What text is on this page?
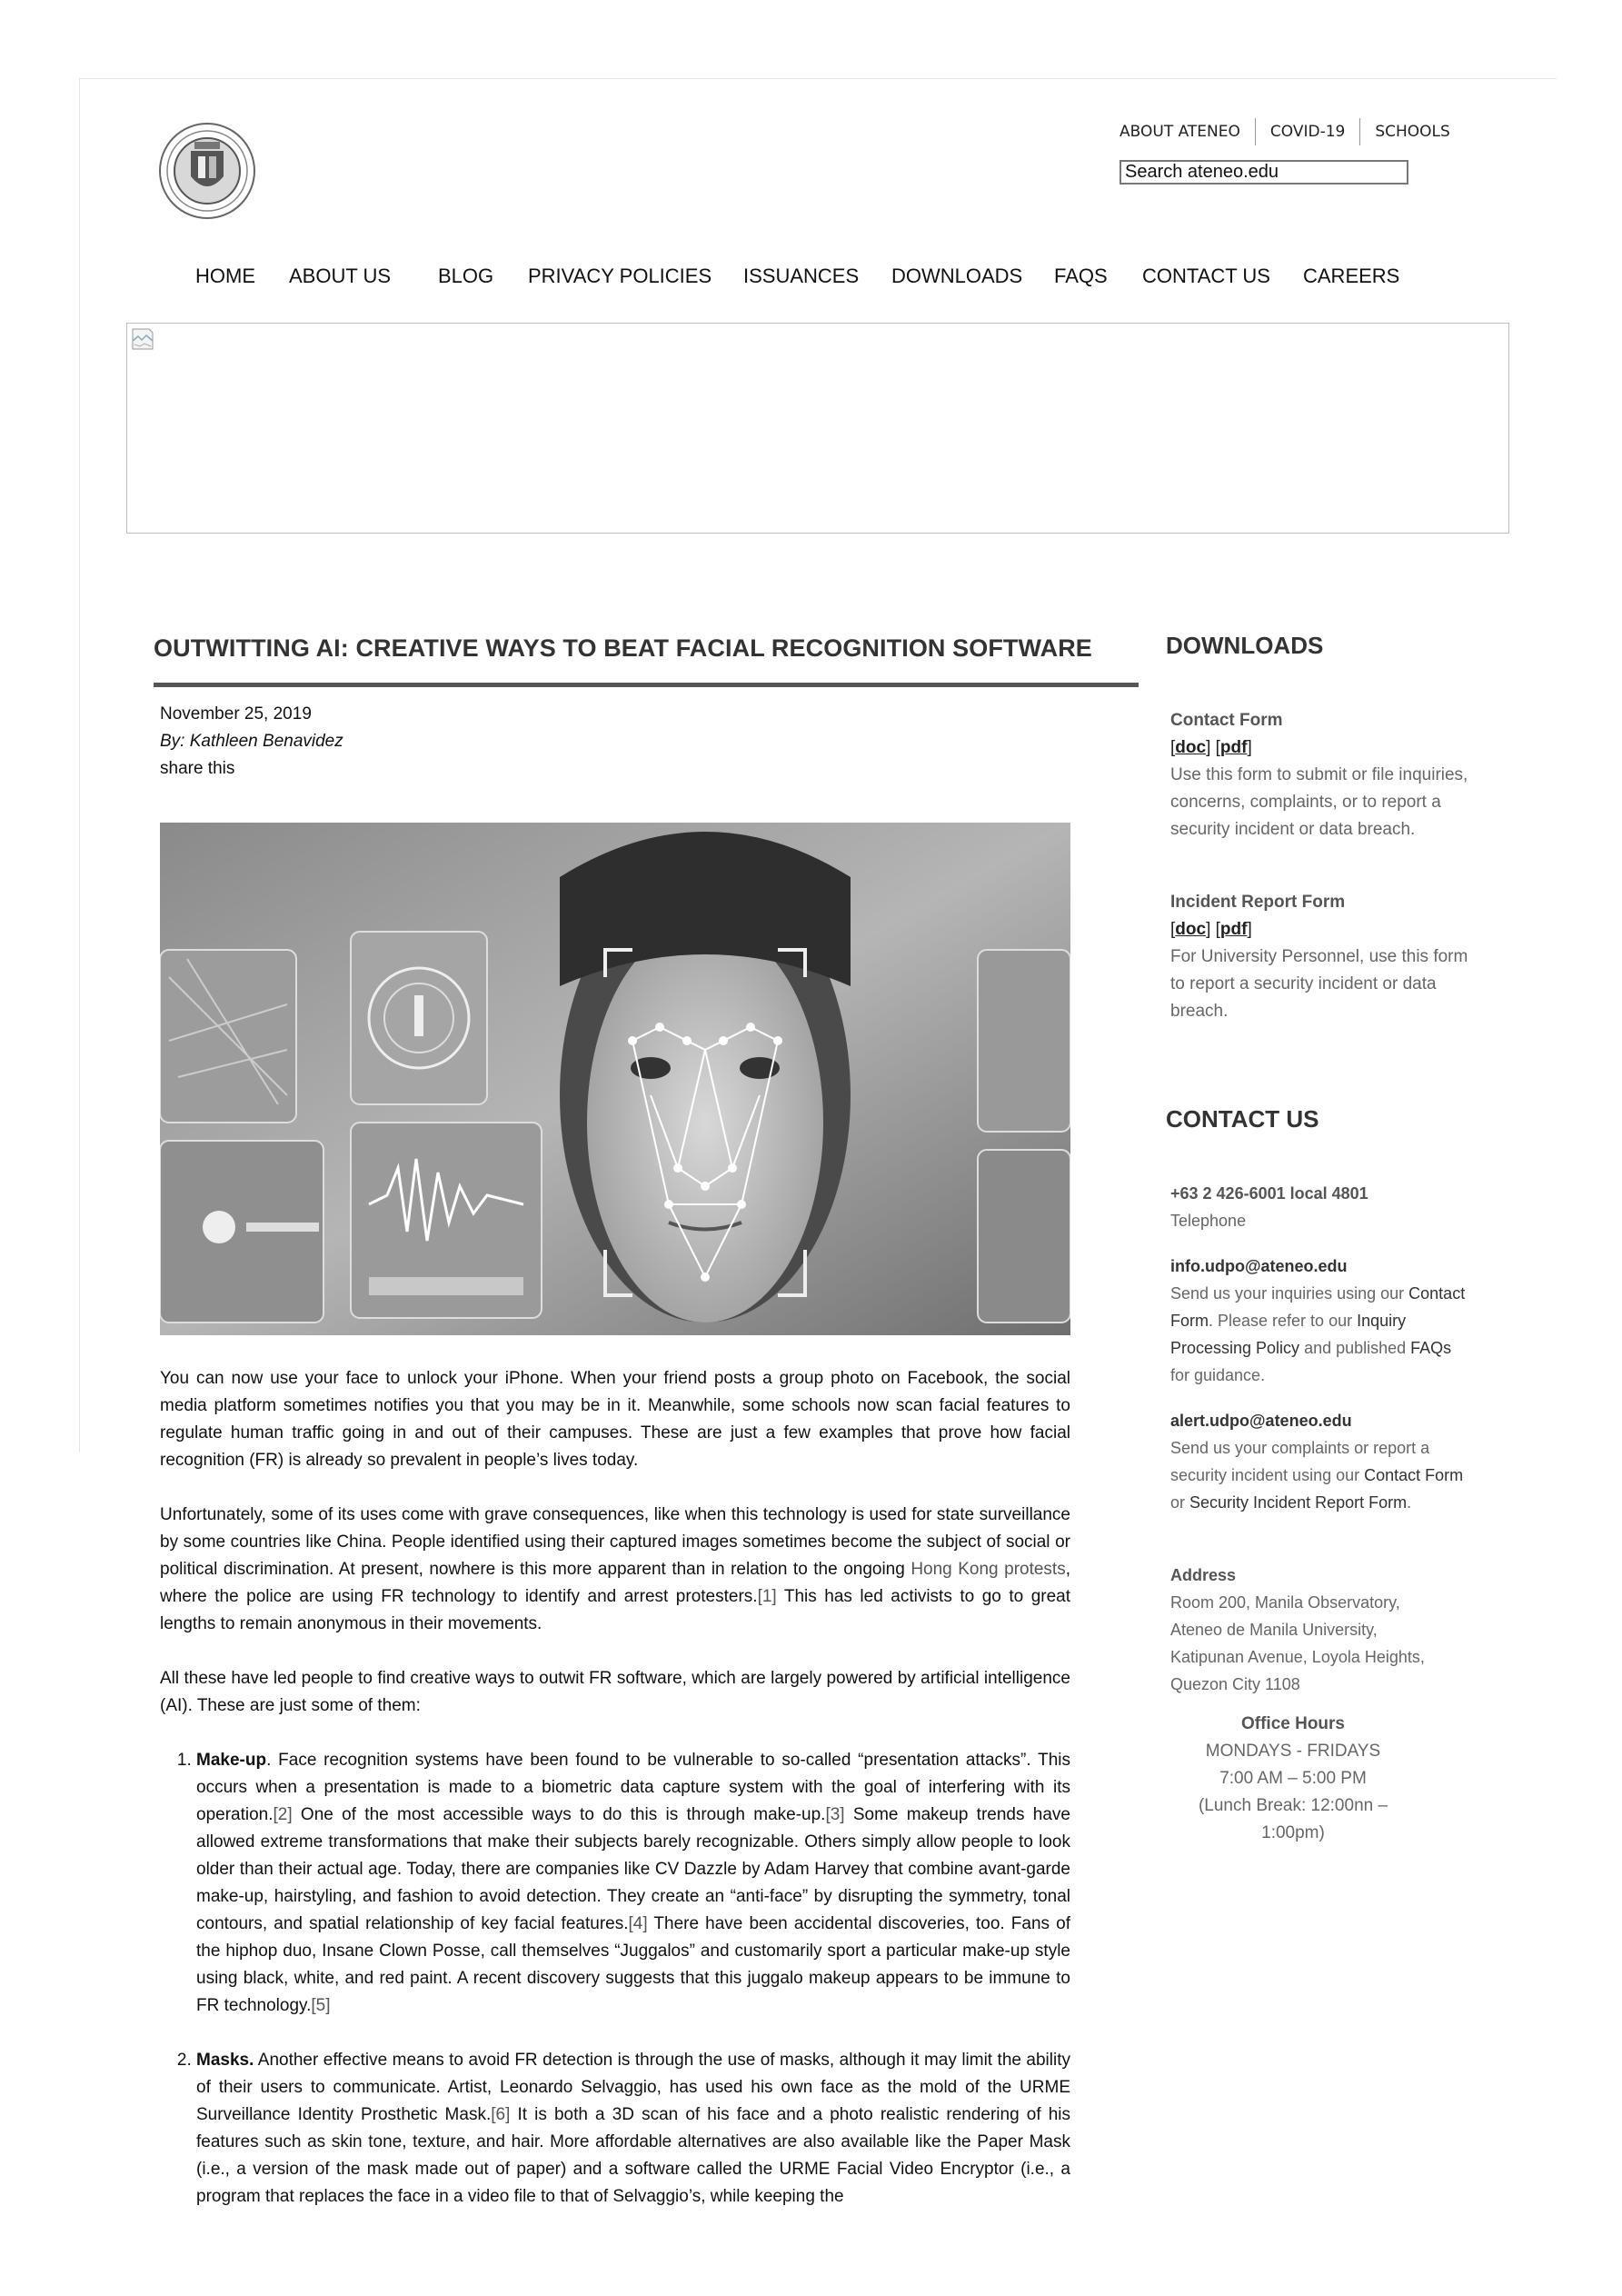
ABOUT ATENEO	COVID-19	SCHOOLS
Search ateneo.edu
HOME ABOUT US BLOG PRIVACY POLICIES ISSUANCES DOWNLOADS FAQS CONTACT US CAREERS
OUTWITTING AI: CREATIVE WAYS TO BEAT FACIAL RECOGNITION SOFTWARE
November 25, 2019
By: Kathleen Benavidez
share this

You can now use your face to unlock your iPhone. When your friend posts a group photo on Facebook, the social media platform sometimes notifies you that you may be in it. Meanwhile, some schools now scan facial features to regulate human traffic going in and out of their campuses. These are just a few examples that prove how facial recognition (FR) is already so prevalent in people’s lives today.

Unfortunately, some of its uses come with grave consequences, like when this technology is used for state surveillance by some countries like China. People identified using their captured images sometimes become the subject of social or political discrimination. At present, nowhere is this more apparent than in relation to the ongoing Hong Kong protests, where the police are using FR technology to identify and arrest protesters.[1] This has led activists to go to great lengths to remain anonymous in their movements.

All these have led people to find creative ways to outwit FR software, which are largely powered by artificial intelligence (AI). These are just some of them:

1. Make-up. Face recognition systems have been found to be vulnerable to so-called “presentation attacks”. This occurs when a presentation is made to a biometric data capture system with the goal of interfering with its operation.[2] One of the most accessible ways to do this is through make-up.[3] Some makeup trends have allowed extreme transformations that make their subjects barely recognizable. Others simply allow people to look older than their actual age. Today, there are companies like CV Dazzle by Adam Harvey that combine avant-garde make-up, hairstyling, and fashion to avoid detection. They create an “anti-face” by disrupting the symmetry, tonal contours, and spatial relationship of key facial features.[4] There have been accidental discoveries, too. Fans of the hiphop duo, Insane Clown Posse, call themselves “Juggalos” and customarily sport a particular make-up style using black, white, and red paint. A recent discovery suggests that this juggalo makeup appears to be immune to FR technology.[5]
2. Masks. Another effective means to avoid FR detection is through the use of masks, although it may limit the ability of their users to communicate. Artist, Leonardo Selvaggio, has used his own face as the mold of the URME Surveillance Identity Prosthetic Mask.[6] It is both a 3D scan of his face and a photo realistic rendering of his features such as skin tone, texture, and hair. More affordable alternatives are also available like the Paper Mask (i.e., a version of the mask made out of paper) and a software called the URME Facial Video Encryptor (i.e., a program that replaces the face in a video file to that of Selvaggio’s, while keeping the
DOWNLOADS
Contact Form
[doc] [pdf]
Use this form to submit or file inquiries, concerns, complaints, or to report a security incident or data breach.
Incident Report Form
[doc] [pdf]
For University Personnel, use this form to report a security incident or data breach.
CONTACT US
+63 2 426-6001 local 4801
Telephone
info.udpo@ateneo.edu
Send us your inquiries using our Contact Form. Please refer to our Inquiry Processing Policy and published FAQs for guidance.
alert.udpo@ateneo.edu
Send us your complaints or report a security incident using our Contact Form or Security Incident Report Form.
Address
Room 200, Manila Observatory,
Ateneo de Manila University,
Katipunan Avenue, Loyola Heights,
Quezon City 1108
Office Hours
MONDAYS - FRIDAYS
7:00 AM – 5:00 PM
(Lunch Break: 12:00nn – 1:00pm)
